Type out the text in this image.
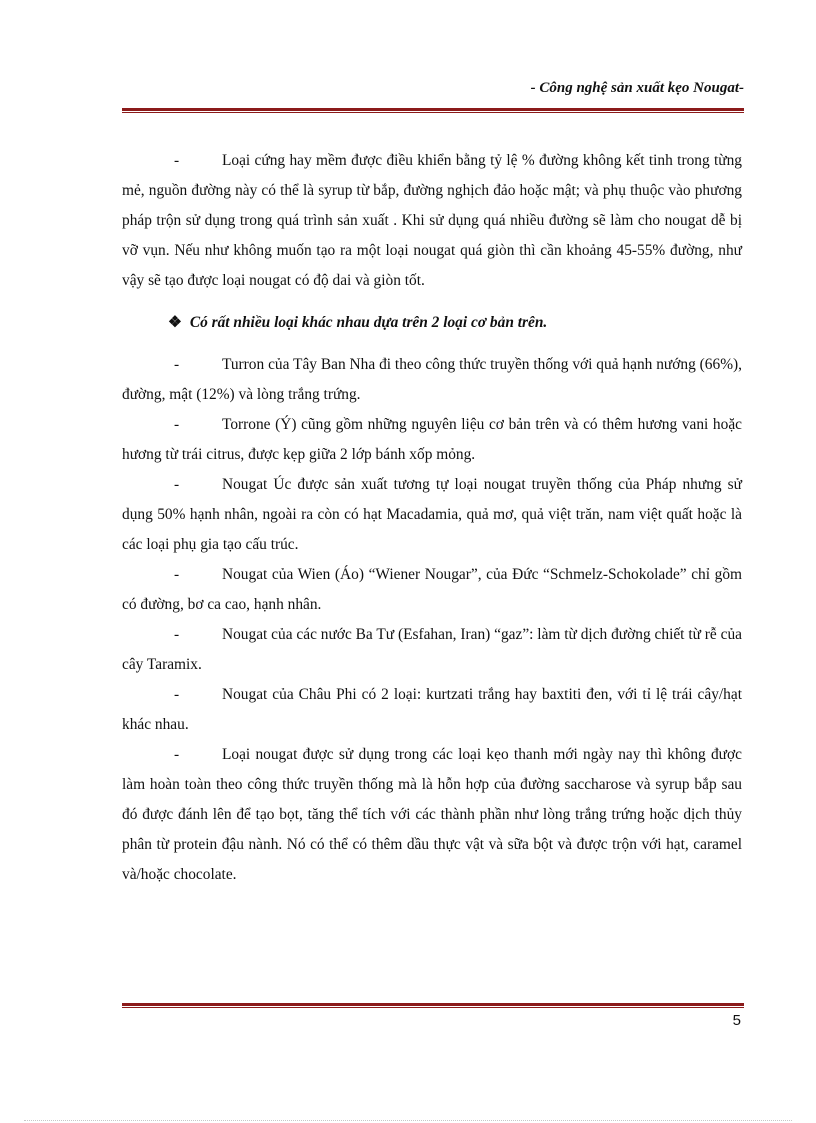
- Công nghệ sản xuất kẹo Nougat-

-	Loại cứng hay mềm được điều khiển bằng tỷ lệ % đường không kết tinh trong từng mẻ, nguồn đường này có thể là syrup từ bắp, đường nghịch đảo hoặc mật; và phụ thuộc vào phương pháp trộn sử dụng trong quá trình sản xuất . Khi sử dụng quá nhiều đường sẽ làm cho nougat dễ bị vỡ vụn. Nếu như không muốn tạo ra một loại nougat quá giòn thì cần khoảng 45-55% đường, như vậy sẽ tạo được loại nougat có độ dai và giòn tốt.

❖ Có rất nhiều loại khác nhau dựa trên 2 loại cơ bản trên.

-	Turron của Tây Ban Nha đi theo công thức truyền thống với quả hạnh nướng (66%), đường, mật (12%) và lòng trắng trứng.

-	Torrone (Ý) cũng gồm những nguyên liệu cơ bản trên và có thêm hương vani hoặc hương từ trái citrus, được kẹp giữa 2 lớp bánh xốp mỏng.

-	Nougat Úc được sản xuất tương tự loại nougat truyền thống của Pháp nhưng sử dụng 50% hạnh nhân, ngoài ra còn có hạt Macadamia, quả mơ, quả việt trăn, nam việt quất hoặc là các loại phụ gia tạo cấu trúc.

-	Nougat của Wien (Áo) “Wiener Nougar”, của Đức “Schmelz-Schokolade” chỉ gồm có đường, bơ ca cao, hạnh nhân.

-	Nougat của các nước Ba Tư (Esfahan, Iran) “gaz”: làm từ dịch đường chiết từ rễ của cây Taramix.

-	Nougat của Châu Phi có 2 loại: kurtzati trắng hay baxtiti đen, với tỉ lệ trái cây/hạt khác nhau.

-	Loại nougat được sử dụng trong các loại kẹo thanh mới ngày nay thì không được làm hoàn toàn theo công thức truyền thống mà là hỗn hợp của đường saccharose và syrup bắp sau đó được đánh lên để tạo bọt, tăng thể tích với các thành phần như lòng trắng trứng hoặc dịch thủy phân từ protein đậu nành. Nó có thể có thêm dầu thực vật và sữa bột và được trộn với hạt, caramel và/hoặc chocolate.

5
